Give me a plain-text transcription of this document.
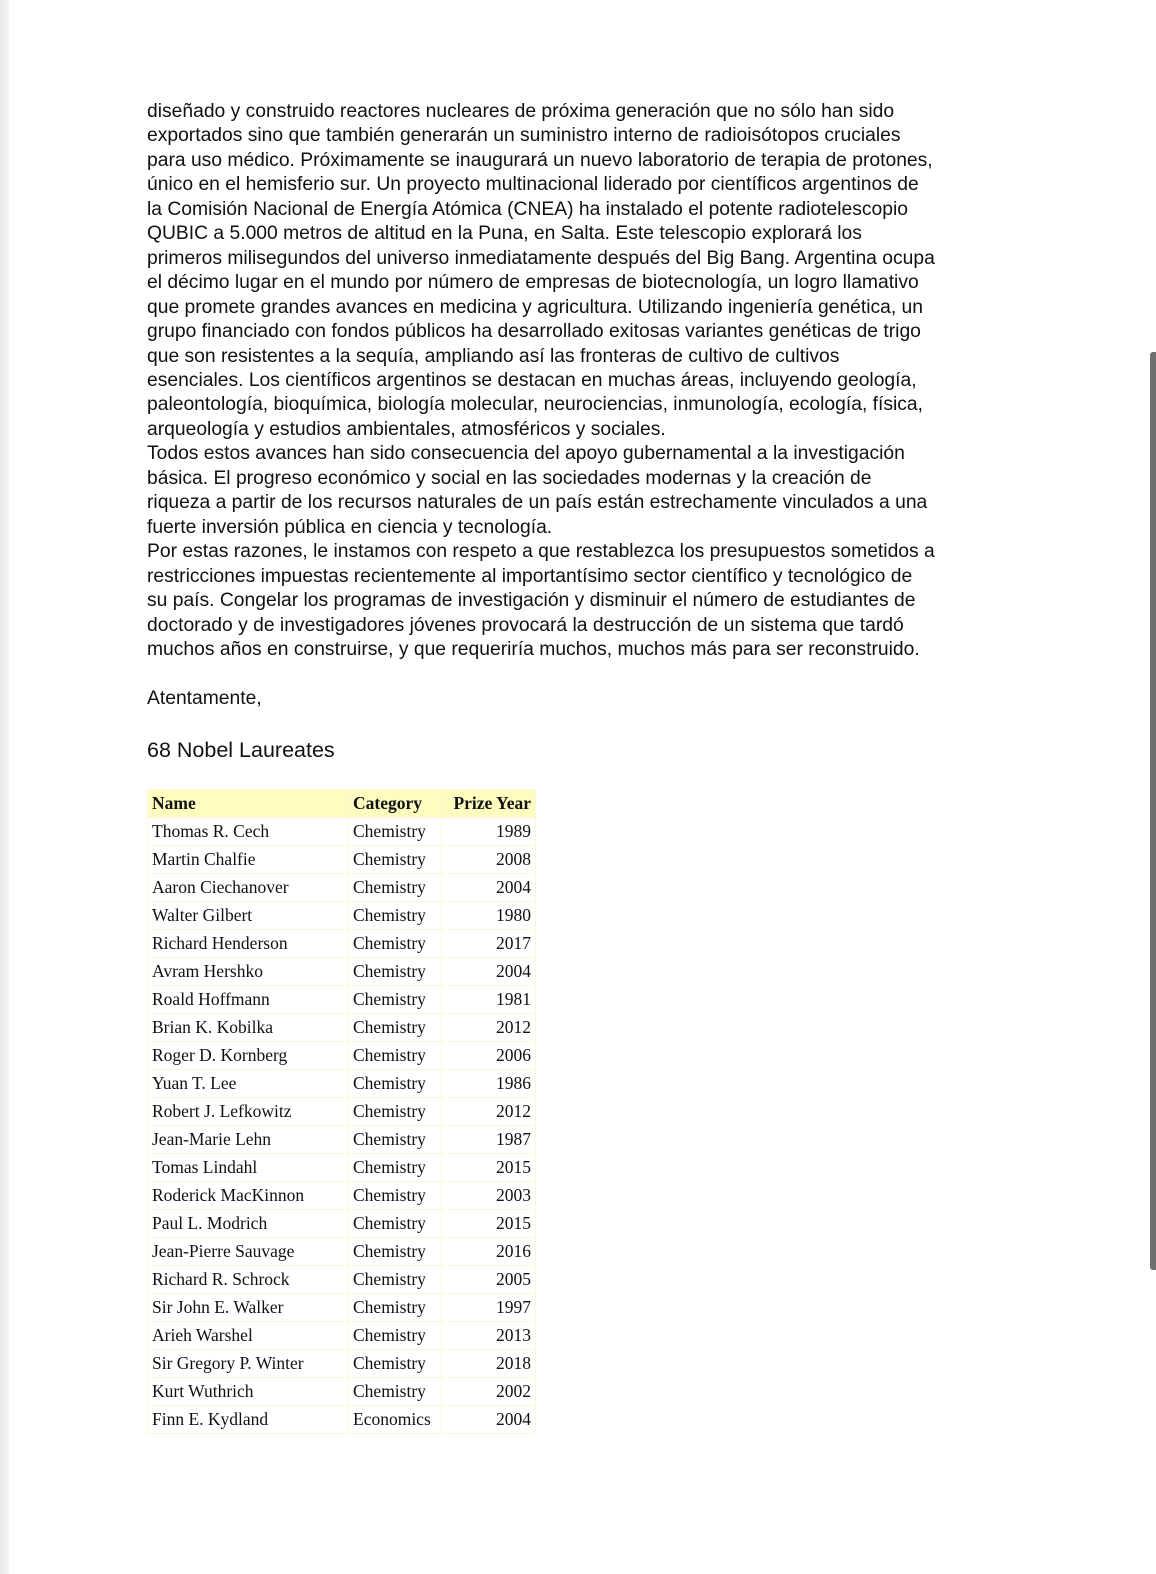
diseñado y construido reactores nucleares de próxima generación que no sólo han sido
exportados sino que también generarán un suministro interno de radioisótopos cruciales
para uso médico. Próximamente se inaugurará un nuevo laboratorio de terapia de protones,
único en el hemisferio sur. Un proyecto multinacional liderado por científicos argentinos de
la Comisión Nacional de Energía Atómica (CNEA) ha instalado el potente radiotelescopio
QUBIC a 5.000 metros de altitud en la Puna, en Salta. Este telescopio explorará los
primeros milisegundos del universo inmediatamente después del Big Bang. Argentina ocupa
el décimo lugar en el mundo por número de empresas de biotecnología, un logro llamativo
que promete grandes avances en medicina y agricultura. Utilizando ingeniería genética, un
grupo financiado con fondos públicos ha desarrollado exitosas variantes genéticas de trigo
que son resistentes a la sequía, ampliando así las fronteras de cultivo de cultivos
esenciales. Los científicos argentinos se destacan en muchas áreas, incluyendo geología,
paleontología, bioquímica, biología molecular, neurociencias, inmunología, ecología, física,
arqueología y estudios ambientales, atmosféricos y sociales.

Todos estos avances han sido consecuencia del apoyo gubernamental a la investigación
básica. El progreso económico y social en las sociedades modernas y la creación de
riqueza a partir de los recursos naturales de un país están estrechamente vinculados a una
fuerte inversión pública en ciencia y tecnología.

Por estas razones, le instamos con respeto a que restablezca los presupuestos sometidos a
restricciones impuestas recientemente al importantísimo sector científico y tecnológico de
su país. Congelar los programas de investigación y disminuir el número de estudiantes de
doctorado y de investigadores jóvenes provocará la destrucción de un sistema que tardó
muchos años en construirse, y que requeriría muchos, muchos más para ser reconstruido.

Atentamente,

68 Nobel Laureates

Name	Category	Prize Year
Thomas R. Cech	Chemistry	1989
Martin Chalfie	Chemistry	2008
Aaron Ciechanover	Chemistry	2004
Walter Gilbert	Chemistry	1980
Richard Henderson	Chemistry	2017
Avram Hershko	Chemistry	2004
Roald Hoffmann	Chemistry	1981
Brian K. Kobilka	Chemistry	2012
Roger D. Kornberg	Chemistry	2006
Yuan T. Lee	Chemistry	1986
Robert J. Lefkowitz	Chemistry	2012
Jean-Marie Lehn	Chemistry	1987
Tomas Lindahl	Chemistry	2015
Roderick MacKinnon	Chemistry	2003
Paul L. Modrich	Chemistry	2015
Jean-Pierre Sauvage	Chemistry	2016
Richard R. Schrock	Chemistry	2005
Sir John E. Walker	Chemistry	1997
Arieh Warshel	Chemistry	2013
Sir Gregory P. Winter	Chemistry	2018
Kurt Wuthrich	Chemistry	2002
Finn E. Kydland	Economics	2004
